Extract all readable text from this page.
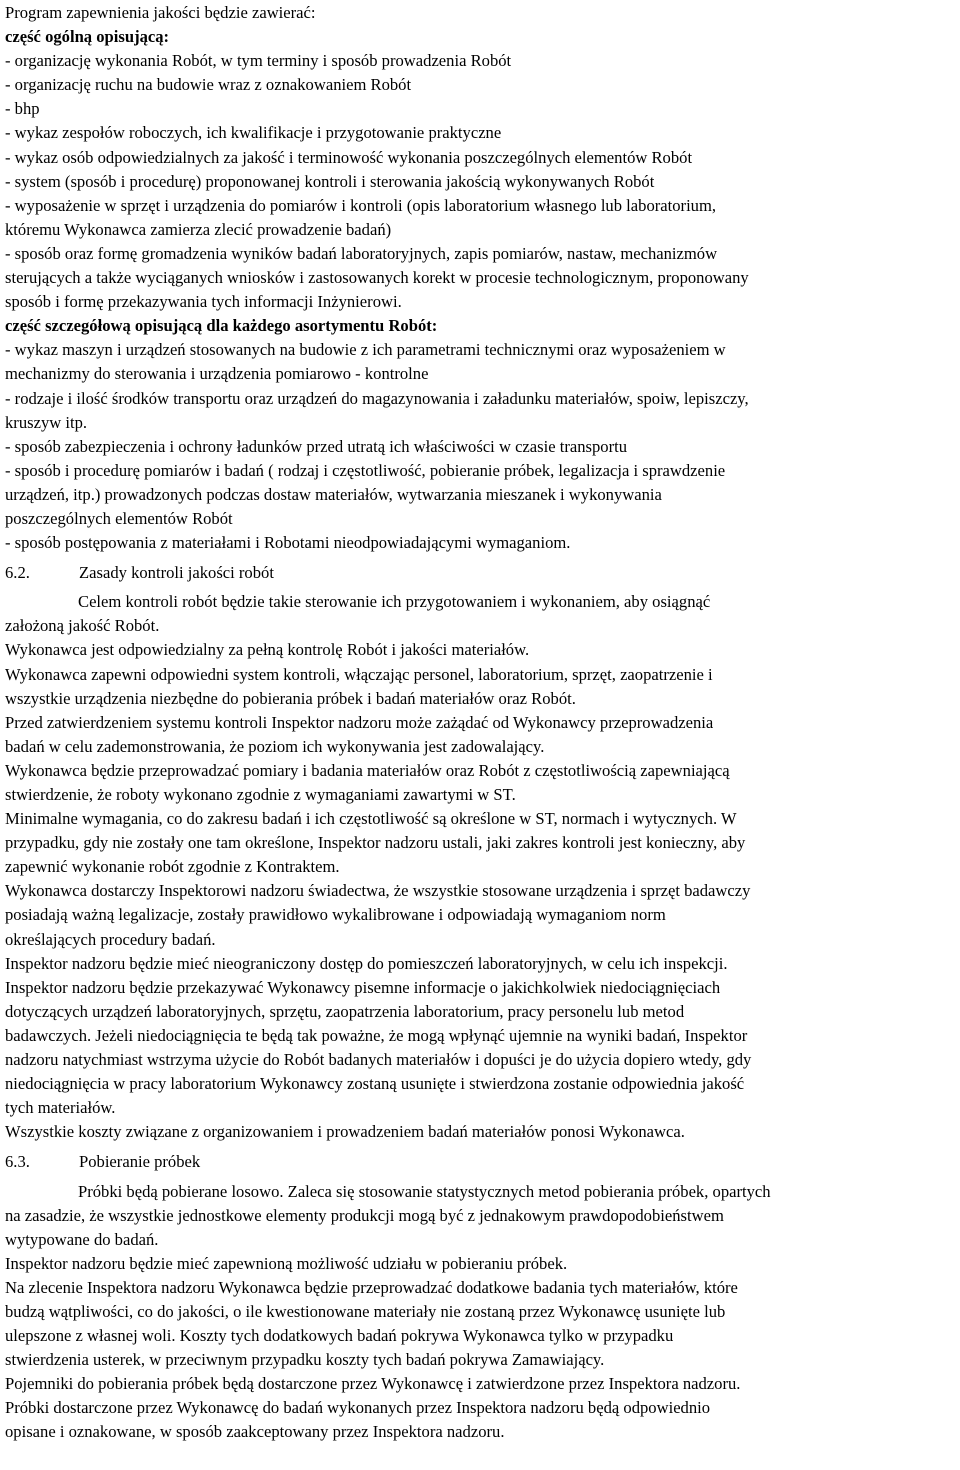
Program zapewnienia jakości będzie zawierać:
część ogólną opisującą:
- organizację wykonania Robót, w tym terminy i sposób prowadzenia Robót
- organizację ruchu na budowie wraz z oznakowaniem Robót
- bhp
- wykaz zespołów roboczych, ich kwalifikacje i przygotowanie praktyczne
- wykaz osób odpowiedzialnych za jakość i terminowość wykonania poszczególnych elementów Robót
- system (sposób i procedurę) proponowanej kontroli i sterowania jakością wykonywanych Robót
- wyposażenie w sprzęt i urządzenia do pomiarów i kontroli (opis laboratorium własnego lub laboratorium,
któremu Wykonawca zamierza zlecić prowadzenie badań)
- sposób oraz formę gromadzenia wyników badań laboratoryjnych, zapis pomiarów, nastaw, mechanizmów
sterujących a także wyciąganych wniosków i zastosowanych korekt w procesie technologicznym, proponowany
sposób i formę przekazywania tych informacji Inżynierowi.
część szczegółową opisującą dla każdego asortymentu Robót:
- wykaz maszyn i urządzeń stosowanych na budowie z ich parametrami technicznymi oraz wyposażeniem w
mechanizmy do sterowania i urządzenia pomiarowo - kontrolne
- rodzaje i ilość środków transportu oraz urządzeń do magazynowania i załadunku materiałów, spoiw, lepiszczy,
kruszyw itp.
- sposób zabezpieczenia i ochrony ładunków przed utratą ich właściwości w czasie transportu
- sposób i procedurę pomiarów i badań ( rodzaj i częstotliwość, pobieranie próbek, legalizacja i sprawdzenie
urządzeń, itp.) prowadzonych podczas dostaw materiałów, wytwarzania mieszanek i wykonywania
poszczególnych elementów Robót
- sposób postępowania z materiałami i Robotami nieodpowiadającymi wymaganiom.
6.2.	Zasady kontroli jakości robót
Celem kontroli robót będzie takie sterowanie ich przygotowaniem i wykonaniem, aby osiągnąć
założoną jakość Robót.
Wykonawca jest odpowiedzialny za pełną kontrolę Robót i jakości materiałów.
Wykonawca zapewni odpowiedni system kontroli, włączając personel, laboratorium, sprzęt, zaopatrzenie i
wszystkie urządzenia niezbędne do pobierania próbek i badań materiałów oraz Robót.
Przed zatwierdzeniem systemu kontroli Inspektor nadzoru może zażądać od Wykonawcy przeprowadzenia
badań w celu zademonstrowania, że poziom ich wykonywania jest zadowalający.
Wykonawca będzie przeprowadzać pomiary i badania materiałów oraz Robót z częstotliwością zapewniającą
stwierdzenie, że roboty wykonano zgodnie z wymaganiami zawartymi w ST.
Minimalne wymagania, co do zakresu badań i ich częstotliwość są określone w ST, normach i wytycznych. W
przypadku, gdy nie zostały one tam określone, Inspektor nadzoru ustali, jaki zakres kontroli jest konieczny, aby
zapewnić wykonanie robót zgodnie z Kontraktem.
Wykonawca dostarczy Inspektorowi nadzoru świadectwa, że wszystkie stosowane urządzenia i sprzęt badawczy
posiadają ważną legalizacje, zostały prawidłowo wykalibrowane i odpowiadają wymaganiom norm
określających procedury badań.
Inspektor nadzoru będzie mieć nieograniczony dostęp do pomieszczeń laboratoryjnych, w celu ich inspekcji.
Inspektor nadzoru będzie przekazywać Wykonawcy pisemne informacje o jakichkolwiek niedociągnięciach
dotyczących urządzeń laboratoryjnych, sprzętu, zaopatrzenia laboratorium, pracy personelu lub metod
badawczych. Jeżeli niedociągnięcia te będą tak poważne, że mogą wpłynąć ujemnie na wyniki badań, Inspektor
nadzoru natychmiast wstrzyma użycie do Robót badanych materiałów i dopuści je do użycia dopiero wtedy, gdy
niedociągnięcia w pracy laboratorium Wykonawcy zostaną usunięte i stwierdzona zostanie odpowiednia jakość
tych materiałów.
Wszystkie koszty związane z organizowaniem i prowadzeniem badań materiałów ponosi Wykonawca.
6.3.	Pobieranie próbek
Próbki będą pobierane losowo. Zaleca się stosowanie statystycznych metod pobierania próbek, opartych
na zasadzie, że wszystkie jednostkowe elementy produkcji mogą być z jednakowym prawdopodobieństwem
wytypowane do badań.
Inspektor nadzoru będzie mieć zapewnioną możliwość udziału w pobieraniu próbek.
Na zlecenie Inspektora nadzoru Wykonawca będzie przeprowadzać dodatkowe badania tych materiałów, które
budzą wątpliwości, co do jakości, o ile kwestionowane materiały nie zostaną przez Wykonawcę usunięte lub
ulepszone z własnej woli. Koszty tych dodatkowych badań pokrywa Wykonawca tylko w przypadku
stwierdzenia usterek, w przeciwnym przypadku koszty tych badań pokrywa Zamawiający.
Pojemniki do pobierania próbek będą dostarczone przez Wykonawcę i zatwierdzone przez Inspektora nadzoru.
Próbki dostarczone przez Wykonawcę do badań wykonanych przez Inspektora nadzoru będą odpowiednio
opisane i oznakowane, w sposób zaakceptowany przez Inspektora nadzoru.
